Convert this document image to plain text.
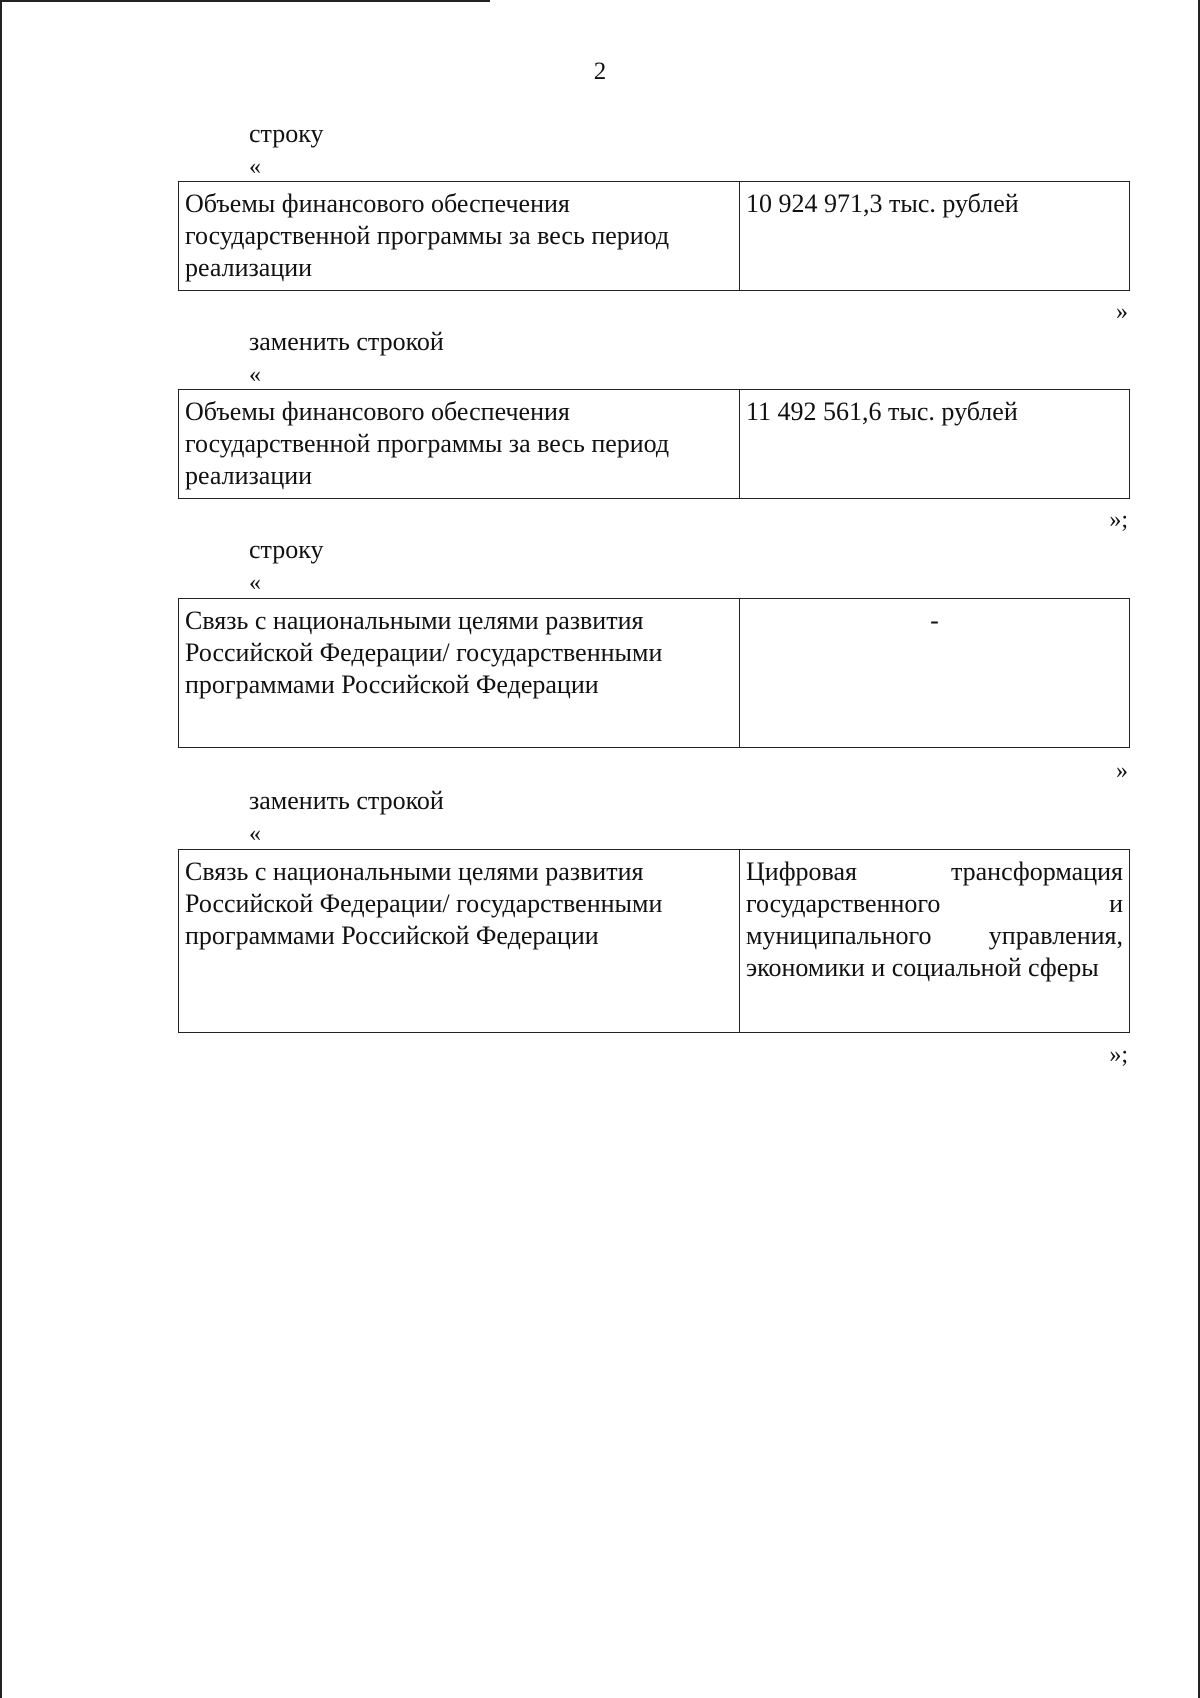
2
строку
«
Объемы финансового обеспечения государственной программы за весь период реализации	10 924 971,3 тыс. рублей
»
заменить строкой
«
Объемы финансового обеспечения государственной программы за весь период реализации	11 492 561,6 тыс. рублей
»;
строку
«
Связь с национальными целями развития Российской Федерации/ государственными программами Российской Федерации	-
»
заменить строкой
«
Связь с национальными целями развития Российской Федерации/ государственными программами Российской Федерации	Цифровая трансформация государственного и муниципального управления, экономики и социальной сферы
»;
